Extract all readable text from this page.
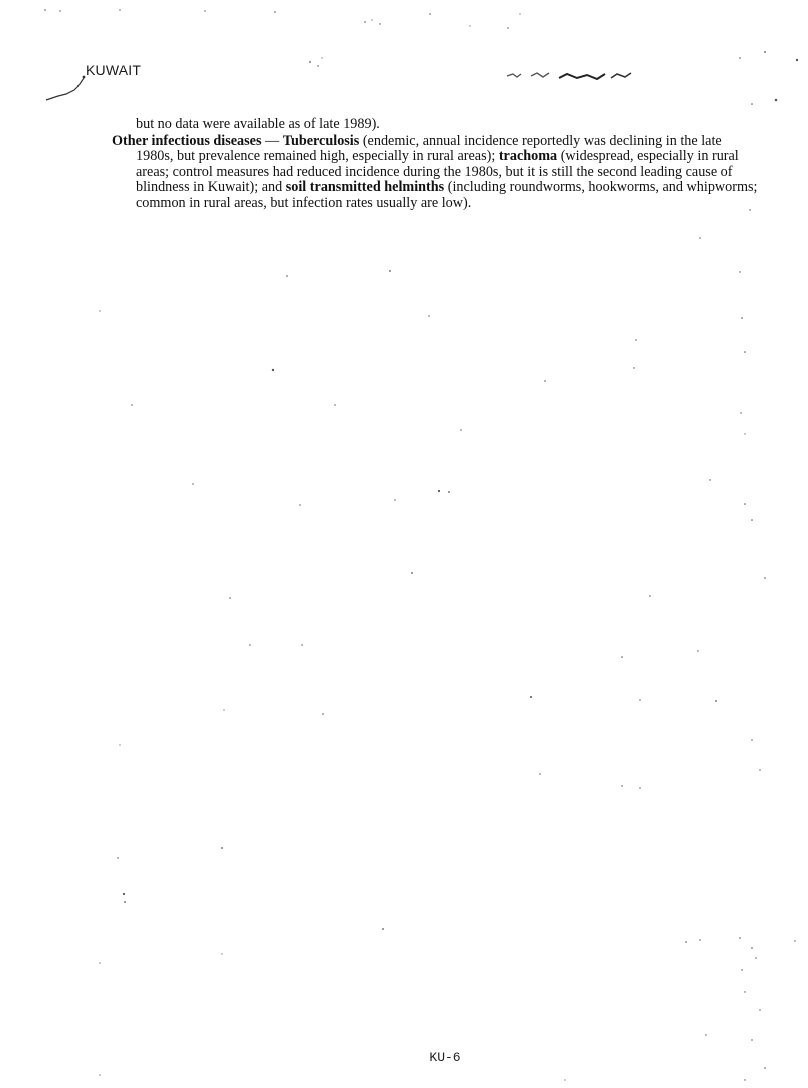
KUWAIT

but no data were available as of late 1989).

Other infectious diseases — Tuberculosis (endemic, annual incidence reportedly was declining in the late 1980s, but prevalence remained high, especially in rural areas); trachoma (widespread, especially in rural areas; control measures had reduced incidence during the 1980s, but it is still the second leading cause of blindness in Kuwait); and soil transmitted helminths (including roundworms, hookworms, and whipworms; common in rural areas, but infection rates usually are low).

KU-6
